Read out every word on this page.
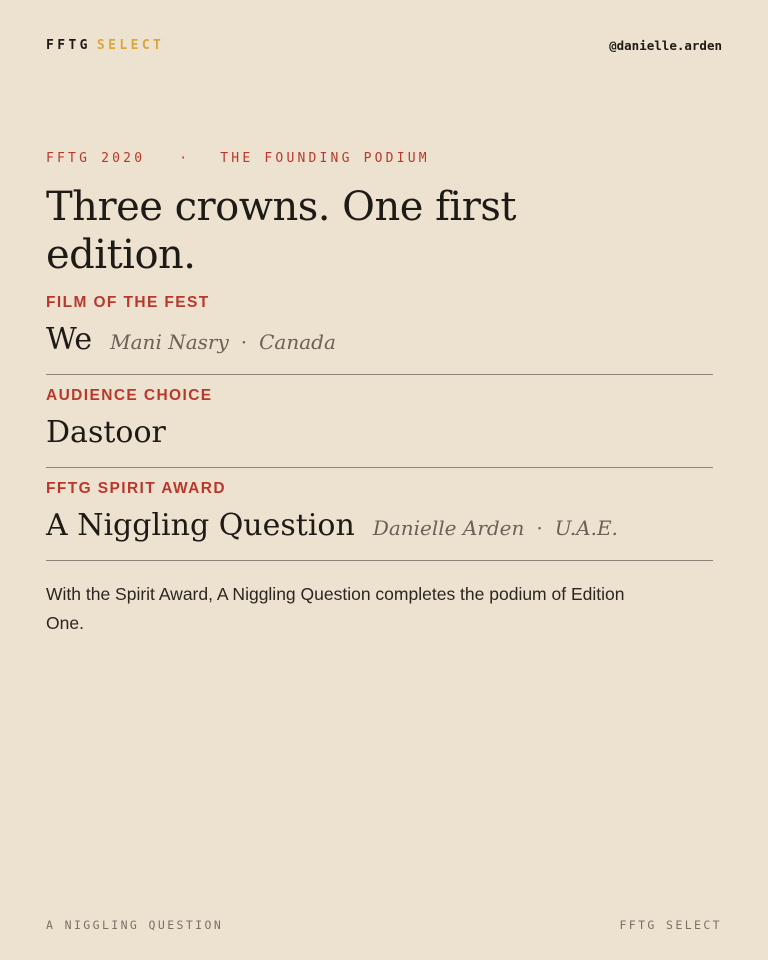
FFTG SELECT	@danielle.arden
FFTG 2020	· THE FOUNDING PODIUM
Three crowns. One first edition.
FILM OF THE FEST
We Mani Nasry · Canada
AUDIENCE CHOICE
Dastoor
FFTG SPIRIT AWARD
A Niggling Question Danielle Arden · U.A.E.

With the Spirit Award, A Niggling Question completes the podium of Edition One.

A NIGGLING QUESTION	FFTG SELECT
